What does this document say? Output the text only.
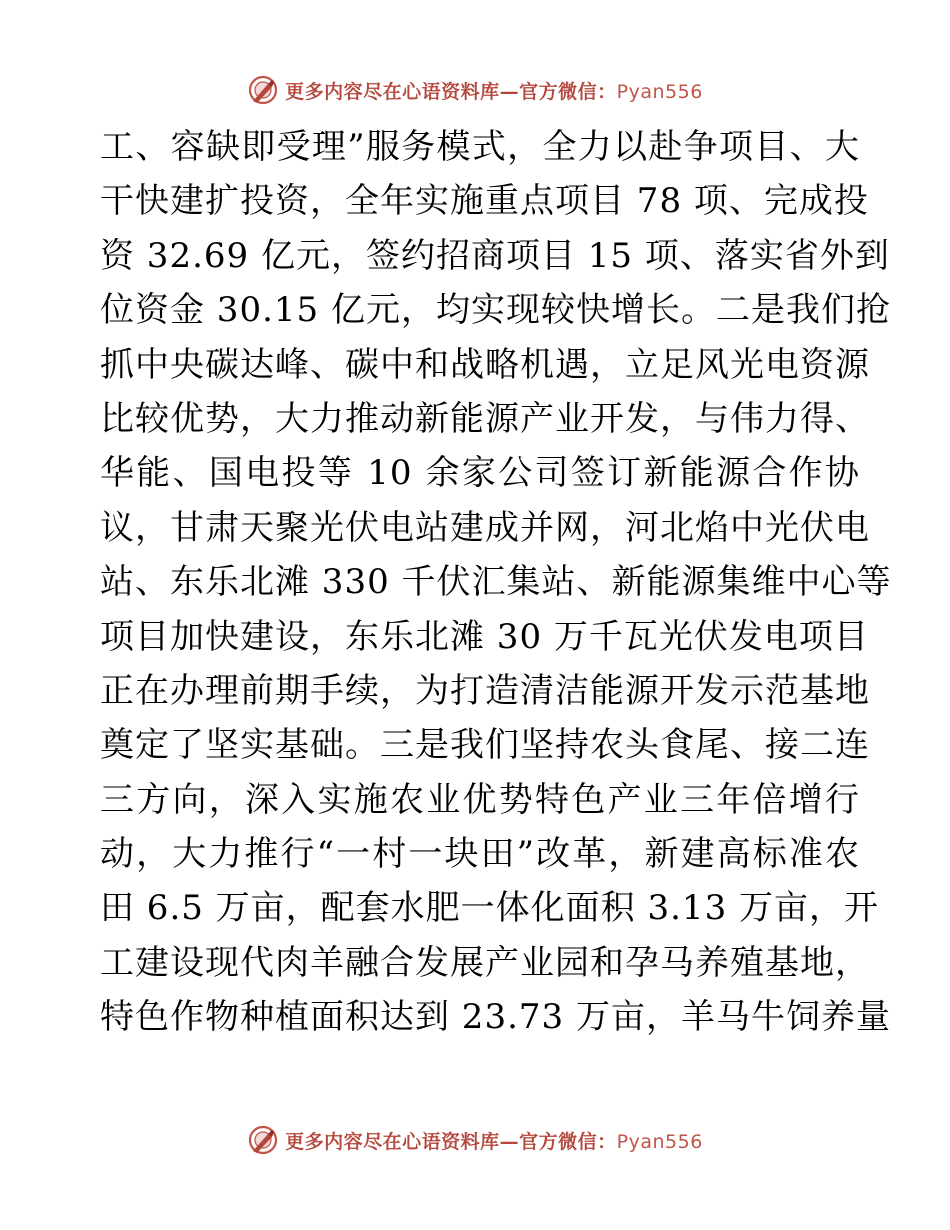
更多内容尽在心语资料库—官方微信：Pyan556
工、容缺即受理”服务模式，全力以赴争项目、大
干快建扩投资，全年实施重点项目 78 项、完成投
资 32.69 亿元，签约招商项目 15 项、落实省外到
位资金 30.15 亿元，均实现较快增长。二是我们抢
抓中央碳达峰、碳中和战略机遇，立足风光电资源
比较优势，大力推动新能源产业开发，与伟力得、
华能、国电投等 10 余家公司签订新能源合作协
议，甘肃天聚光伏电站建成并网，河北焰中光伏电
站、东乐北滩 330 千伏汇集站、新能源集维中心等
项目加快建设，东乐北滩 30 万千瓦光伏发电项目
正在办理前期手续，为打造清洁能源开发示范基地
奠定了坚实基础。三是我们坚持农头食尾、接二连
三方向，深入实施农业优势特色产业三年倍增行
动，大力推行“一村一块田”改革，新建高标准农
田 6.5 万亩，配套水肥一体化面积 3.13 万亩，开
工建设现代肉羊融合发展产业园和孕马养殖基地，
特色作物种植面积达到 23.73 万亩，羊马牛饲养量
更多内容尽在心语资料库—官方微信：Pyan556
